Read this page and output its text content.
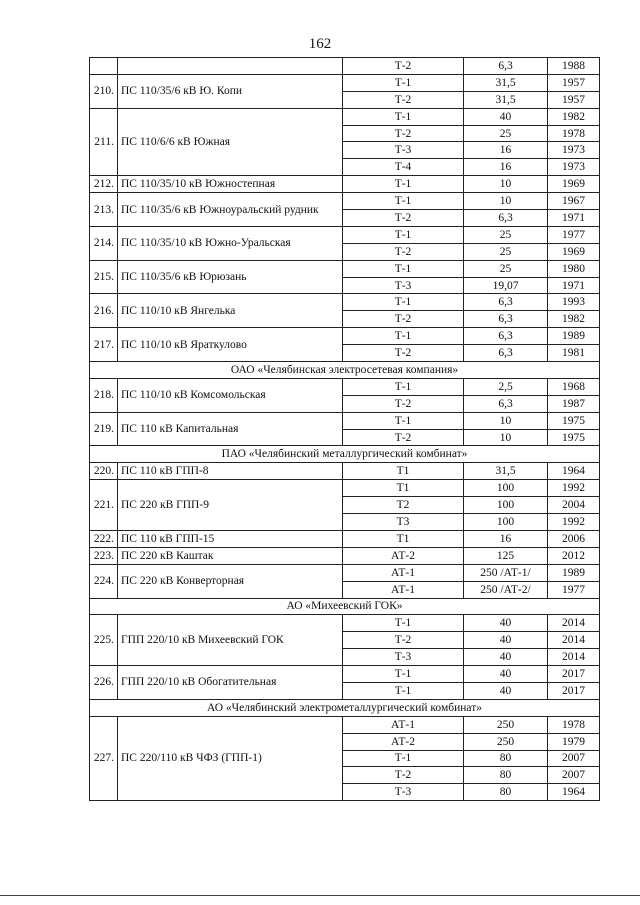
162
		Т-2	6,3	1988
210.	ПС 110/35/6 кВ Ю. Копи	Т-1	31,5	1957
		Т-2	31,5	1957
211.	ПС 110/6/6 кВ Южная	Т-1	40	1982
		Т-2	25	1978
		Т-3	16	1973
		Т-4	16	1973
212.	ПС 110/35/10 кВ Южностепная	Т-1	10	1969
213.	ПС 110/35/6 кВ Южноуральский рудник	Т-1	10	1967
		Т-2	6,3	1971
214.	ПС 110/35/10 кВ Южно-Уральская	Т-1	25	1977
		Т-2	25	1969
215.	ПС 110/35/6 кВ Юрюзань	Т-1	25	1980
		Т-3	19,07	1971
216.	ПС 110/10 кВ Янгелька	Т-1	6,3	1993
		Т-2	6,3	1982
217.	ПС 110/10 кВ Яраткулово	Т-1	6,3	1989
		Т-2	6,3	1981
ОАО «Челябинская электросетевая компания»				
218.	ПС 110/10 кВ Комсомольская	Т-1	2,5	1968
		Т-2	6,3	1987
219.	ПС 110 кВ Капитальная	Т-1	10	1975
		Т-2	10	1975
ПАО «Челябинский металлургический комбинат»				
220.	ПС 110 кВ ГПП-8	Т1	31,5	1964
221.	ПС 220 кВ ГПП-9	Т1	100	1992
		Т2	100	2004
		Т3	100	1992
222.	ПС 110 кВ ГПП-15	Т1	16	2006
223.	ПС 220 кВ Каштак	АТ-2	125	2012
224.	ПС 220 кВ Конверторная	АТ-1	250 /АТ-1/	1989
		АТ-1	250 /АТ-2/	1977
АО «Михеевский ГОК»				
225.	ГПП 220/10 кВ Михеевский ГОК	Т-1	40	2014
		Т-2	40	2014
		Т-3	40	2014
226.	ГПП 220/10 кВ Обогатительная	Т-1	40	2017
		Т-1	40	2017
АО «Челябинский электрометаллургический комбинат»				
227.	ПС 220/110 кВ ЧФЗ (ГПП-1)	АТ-1	250	1978
		АТ-2	250	1979
		Т-1	80	2007
		Т-2	80	2007
		Т-3	80	1964
